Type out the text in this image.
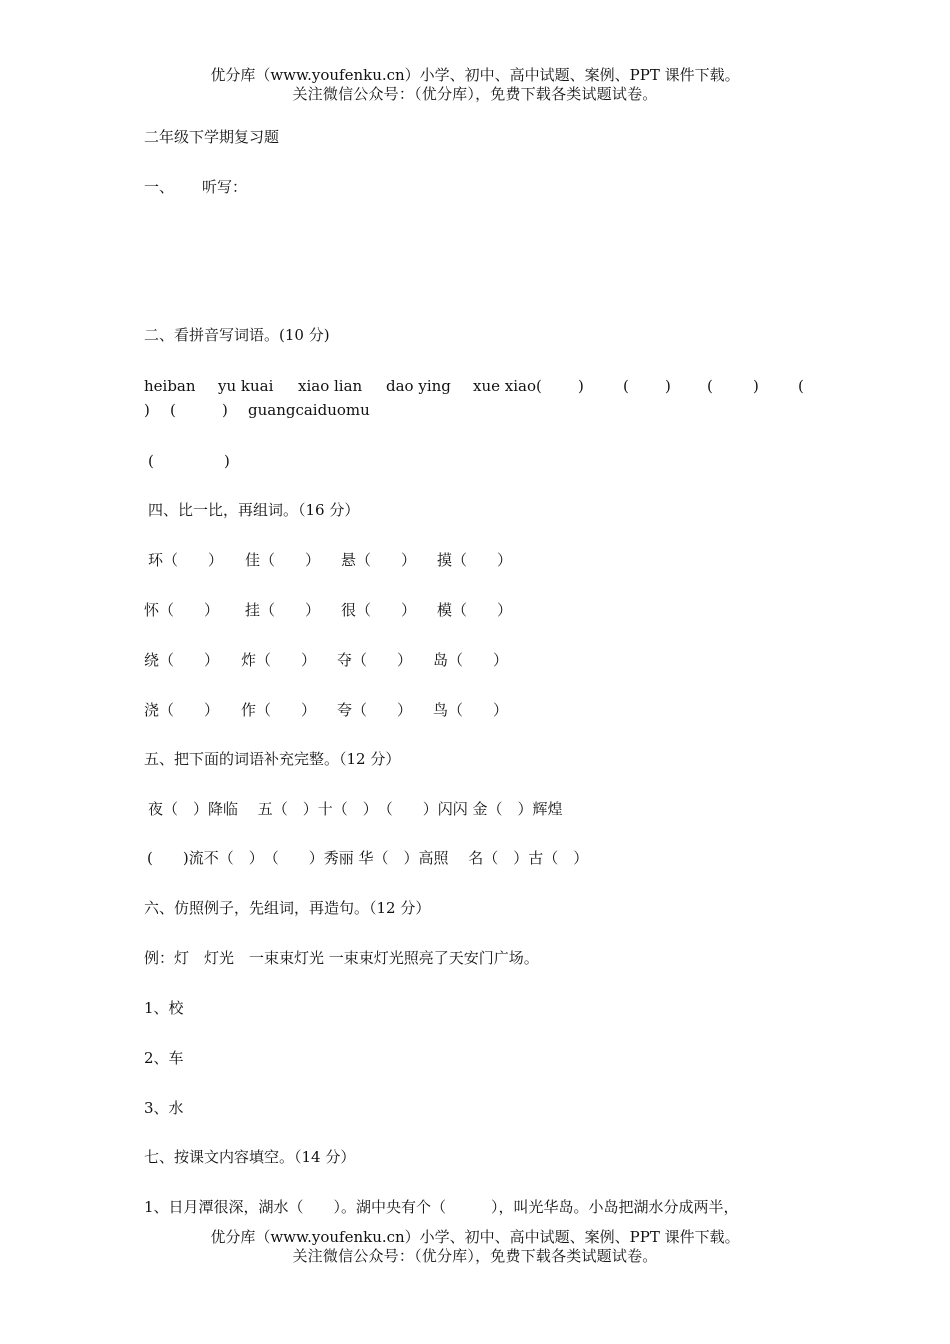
优分库（www.youfenku.cn）小学、初中、高中试题、案例、PPT 课件下载。
关注微信公众号：（优分库），免费下载各类试题试卷。
二年级下学期复习题
一、 听写：
二、看拼音写词语。(10 分)
heiban yu kuai xiao lian dao ying xue xiao( )	( ) (	)	(
) (	) guangcaiduomu
(	)
四、比一比，再组词。（16 分）
环（　　） 佳（　　） 悬（　　） 摸（　　）
怀（　　） 挂（　　） 很（　　） 模（　　）
绕（　　） 炸（　　） 夺（　　） 岛（　　）
浇（　　） 作（　　） 夸（　　） 鸟（　　）
五、把下面的词语补充完整。（12 分）
夜（　）降临　 五（　）十（　）　（　　）闪闪 金（　）辉煌
(　　)流不（　）　（　　）秀丽 华（　）高照　 名（　）古（　）
六、仿照例子，先组词，再造句。（12 分）
例：灯　灯光　一束束灯光 一束束灯光照亮了天安门广场。
1、校
2、车
3、水
七、按课文内容填空。（14 分）
1、日月潭很深，湖水（　　）。湖中央有个（　　　），叫光华岛。小岛把湖水分成两半，
优分库（www.youfenku.cn）小学、初中、高中试题、案例、PPT 课件下载。
关注微信公众号：（优分库），免费下载各类试题试卷。
